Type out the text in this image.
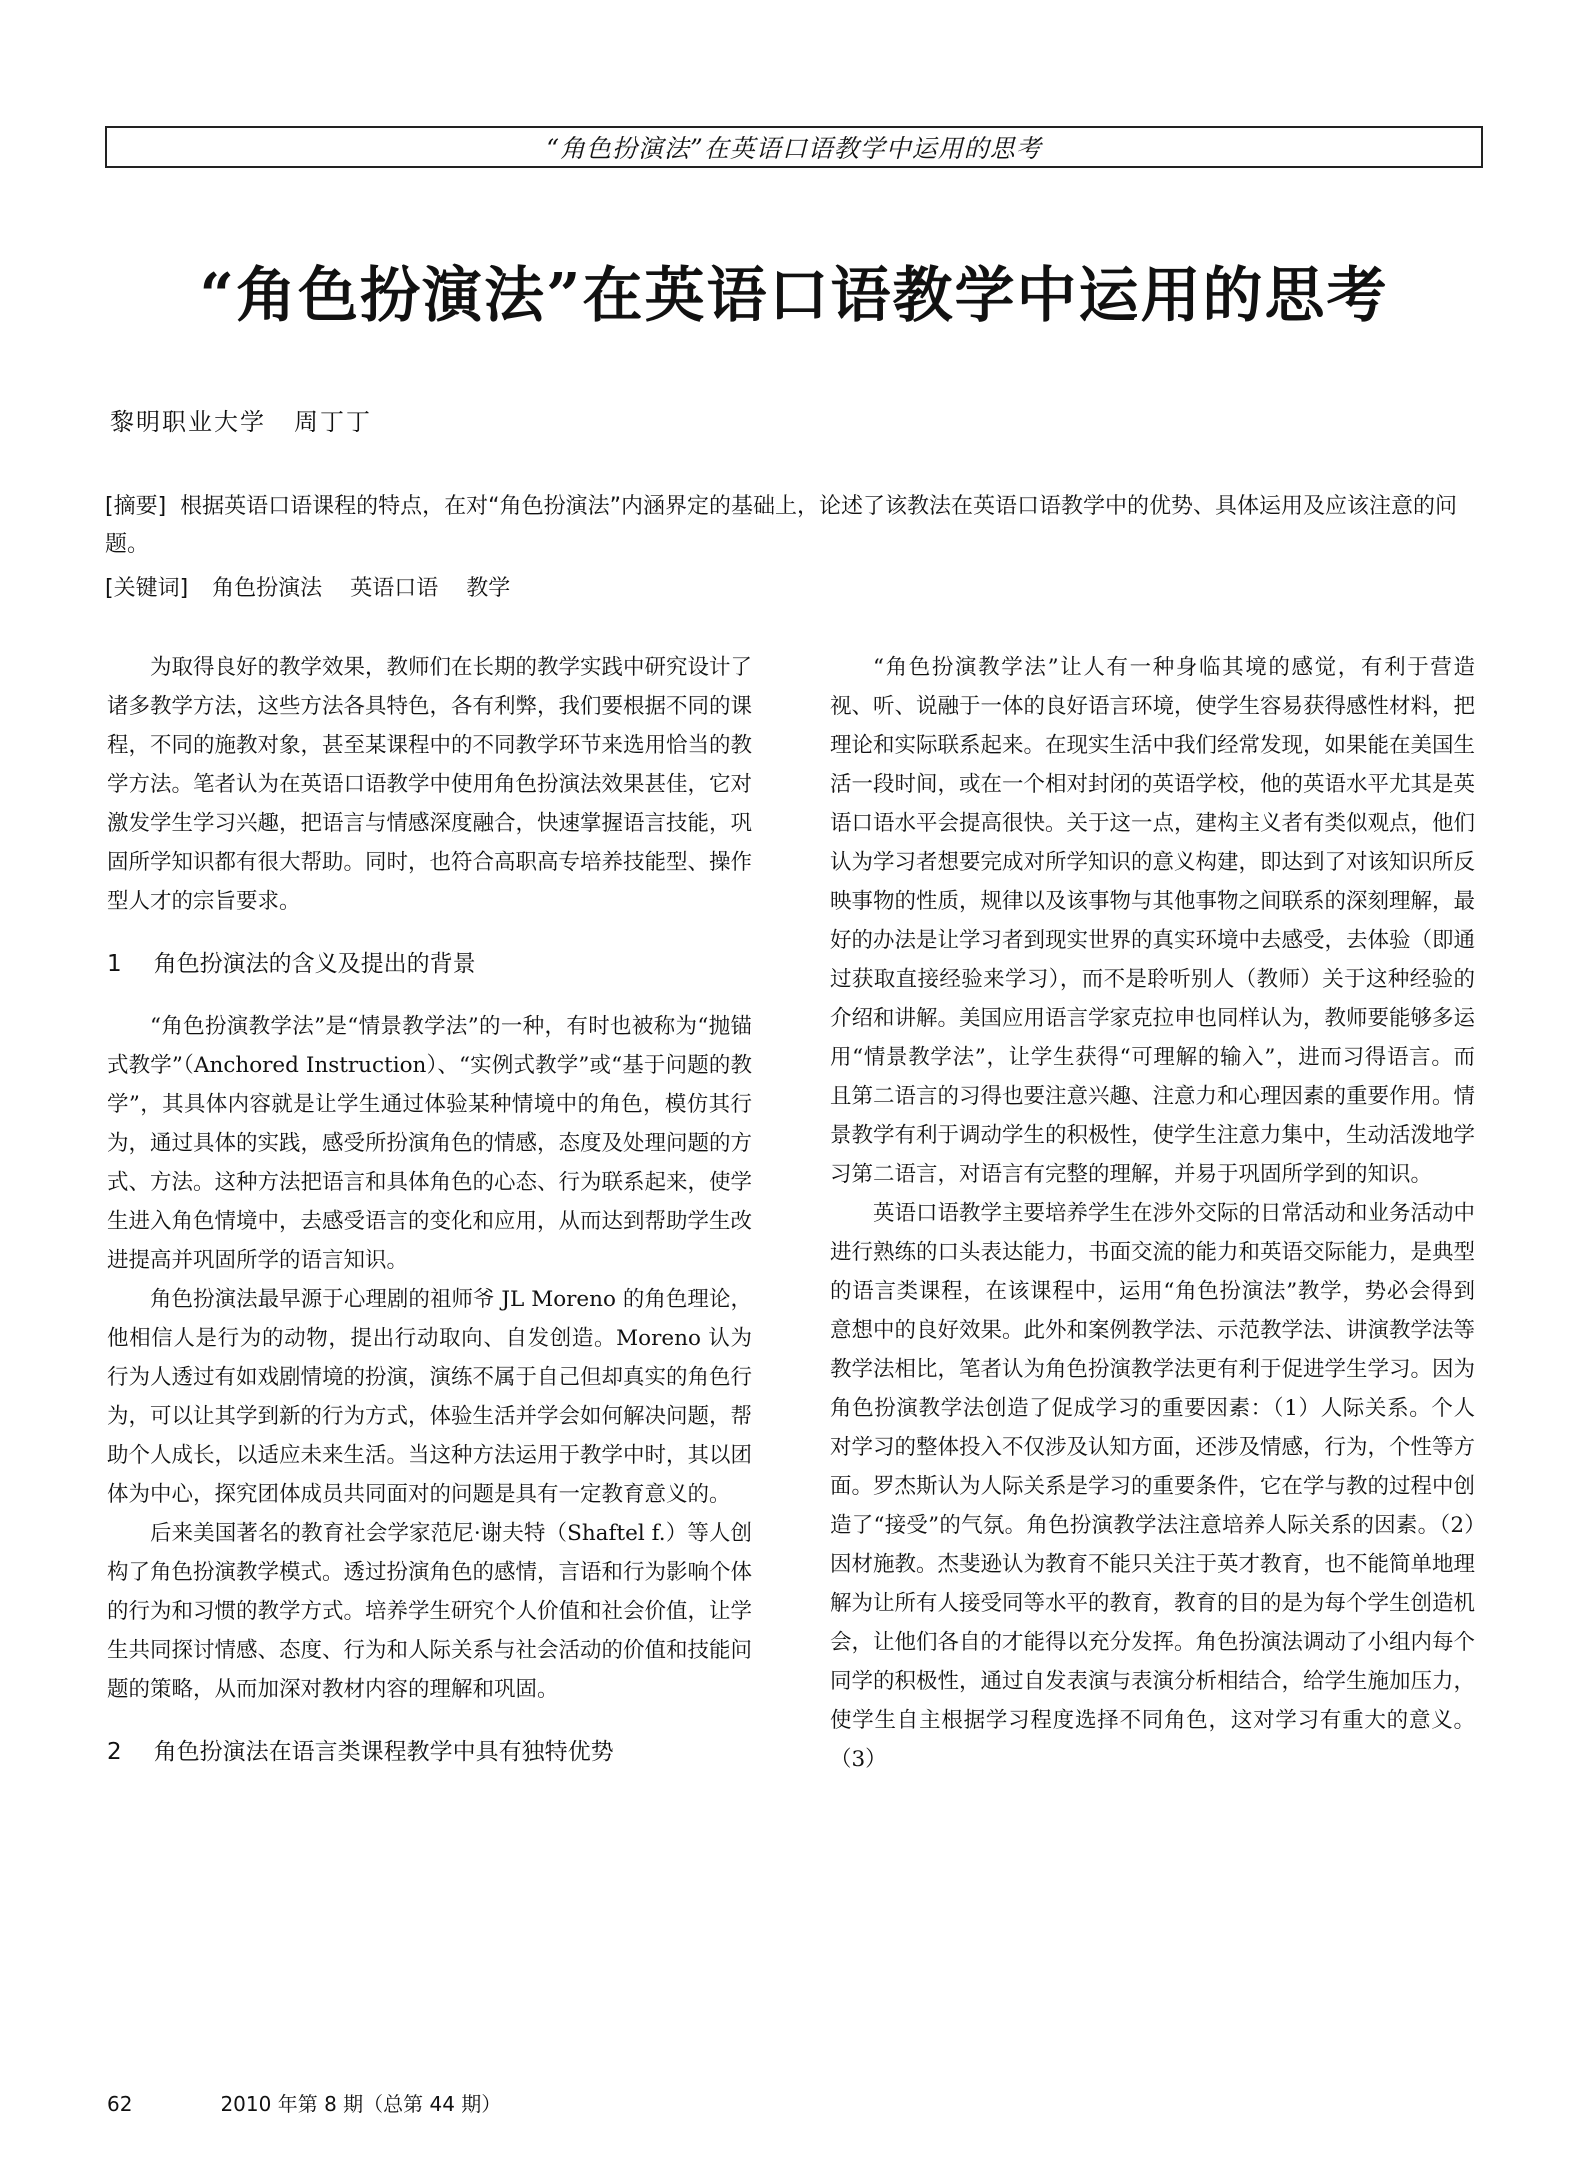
“角色扮演法”在英语口语教学中运用的思考
“角色扮演法”在英语口语教学中运用的思考
黎明职业大学 周丁丁
[摘要] 根据英语口语课程的特点，在对“角色扮演法”内涵界定的基础上，论述了该教法在英语口语教学中的优势、具体运用及应该注意的问题。
[关键词] 角色扮演法 英语口语 教学

为取得良好的教学效果，教师们在长期的教学实践中研究设计了诸多教学方法，这些方法各具特色，各有利弊，我们要根据不同的课程，不同的施教对象，甚至某课程中的不同教学环节来选用恰当的教学方法。笔者认为在英语口语教学中使用角色扮演法效果甚佳，它对激发学生学习兴趣，把语言与情感深度融合，快速掌握语言技能，巩固所学知识都有很大帮助。同时，也符合高职高专培养技能型、操作型人才的宗旨要求。

1 角色扮演法的含义及提出的背景

“角色扮演教学法”是“情景教学法”的一种，有时也被称为“抛锚式教学”（Anchored Instruction）、“实例式教学”或“基于问题的教学”，其具体内容就是让学生通过体验某种情境中的角色，模仿其行为，通过具体的实践，感受所扮演角色的情感，态度及处理问题的方式、方法。这种方法把语言和具体角色的心态、行为联系起来，使学生进入角色情境中，去感受语言的变化和应用，从而达到帮助学生改进提高并巩固所学的语言知识。

角色扮演法最早源于心理剧的祖师爷 JL Moreno 的角色理论，他相信人是行为的动物，提出行动取向、自发创造。Moreno 认为行为人透过有如戏剧情境的扮演，演练不属于自己但却真实的角色行为，可以让其学到新的行为方式，体验生活并学会如何解决问题，帮助个人成长，以适应未来生活。当这种方法运用于教学中时，其以团体为中心，探究团体成员共同面对的问题是具有一定教育意义的。

后来美国著名的教育社会学家范尼·谢夫特（Shaftel f.）等人创构了角色扮演教学模式。透过扮演角色的感情，言语和行为影响个体的行为和习惯的教学方式。培养学生研究个人价值和社会价值，让学生共同探讨情感、态度、行为和人际关系与社会活动的价值和技能问题的策略，从而加深对教材内容的理解和巩固。

2 角色扮演法在语言类课程教学中具有独特优势

“角色扮演教学法”让人有一种身临其境的感觉，有利于营造视、听、说融于一体的良好语言环境，使学生容易获得感性材料，把理论和实际联系起来。在现实生活中我们经常发现，如果能在美国生活一段时间，或在一个相对封闭的英语学校，他的英语水平尤其是英语口语水平会提高很快。关于这一点，建构主义者有类似观点，他们认为学习者想要完成对所学知识的意义构建，即达到了对该知识所反映事物的性质，规律以及该事物与其他事物之间联系的深刻理解，最好的办法是让学习者到现实世界的真实环境中去感受，去体验（即通过获取直接经验来学习），而不是聆听别人（教师）关于这种经验的介绍和讲解。美国应用语言学家克拉申也同样认为，教师要能够多运用“情景教学法”，让学生获得“可理解的输入”，进而习得语言。而且第二语言的习得也要注意兴趣、注意力和心理因素的重要作用。情景教学有利于调动学生的积极性，使学生注意力集中，生动活泼地学习第二语言，对语言有完整的理解，并易于巩固所学到的知识。

英语口语教学主要培养学生在涉外交际的日常活动和业务活动中进行熟练的口头表达能力，书面交流的能力和英语交际能力，是典型的语言类课程，在该课程中，运用“角色扮演法”教学，势必会得到意想中的良好效果。此外和案例教学法、示范教学法、讲演教学法等教学法相比，笔者认为角色扮演教学法更有利于促进学生学习。因为角色扮演教学法创造了促成学习的重要因素：（1）人际关系。个人对学习的整体投入不仅涉及认知方面，还涉及情感，行为，个性等方面。罗杰斯认为人际关系是学习的重要条件，它在学与教的过程中创造了“接受”的气氛。角色扮演教学法注意培养人际关系的因素。（2）因材施教。杰斐逊认为教育不能只关注于英才教育，也不能简单地理解为让所有人接受同等水平的教育，教育的目的是为每个学生创造机会，让他们各自的才能得以充分发挥。角色扮演法调动了小组内每个同学的积极性，通过自发表演与表演分析相结合，给学生施加压力，使学生自主根据学习程度选择不同角色，这对学习有重大的意义。（3）

62	2010 年第 8 期（总第 44 期）
